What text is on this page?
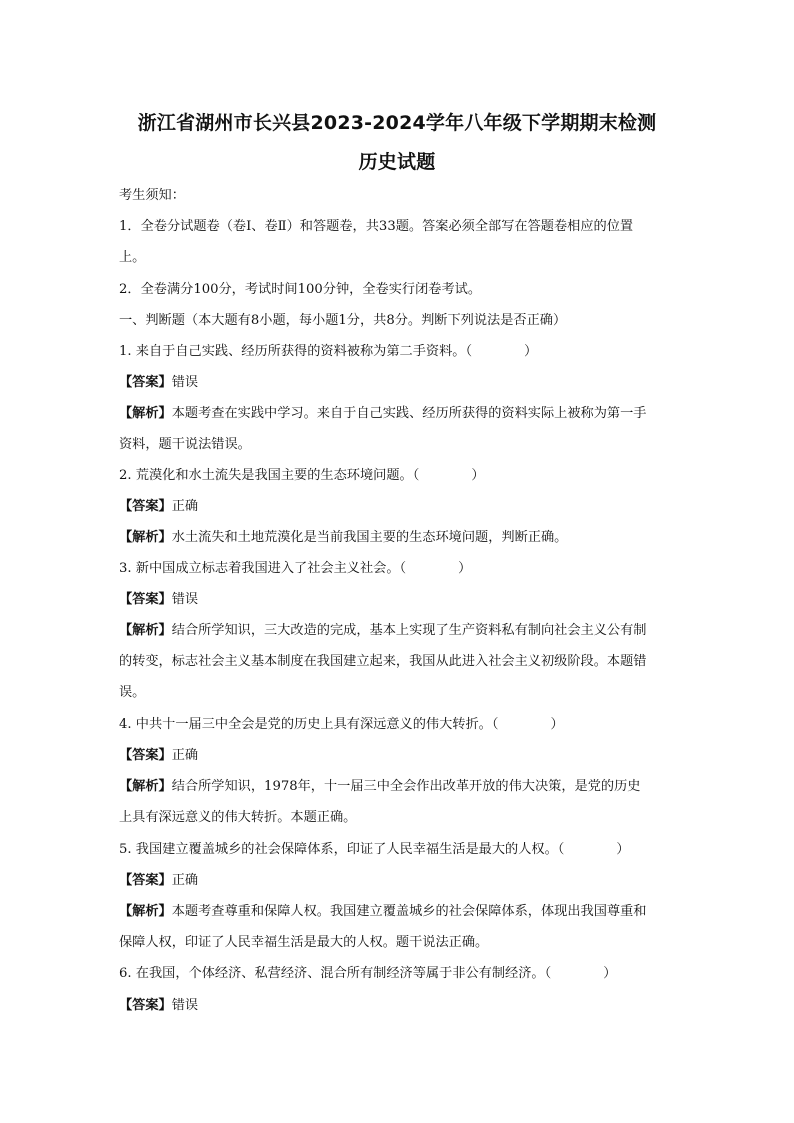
浙江省湖州市长兴县2023-2024学年八年级下学期期末检测
历史试题
考生须知：
1．全卷分试题卷（卷Ⅰ、卷Ⅱ）和答题卷，共33题。答案必须全部写在答题卷相应的位置
上。
2．全卷满分100分，考试时间100分钟，全卷实行闭卷考试。
一、判断题（本大题有8小题，每小题1分，共8分。判断下列说法是否正确）
1. 来自于自己实践、经历所获得的资料被称为第二手资料。（	）
【答案】错误
【解析】本题考查在实践中学习。来自于自己实践、经历所获得的资料实际上被称为第一手
资料，题干说法错误。
2. 荒漠化和水土流失是我国主要的生态环境问题。（	）
【答案】正确
【解析】水土流失和土地荒漠化是当前我国主要的生态环境问题，判断正确。
3. 新中国成立标志着我国进入了社会主义社会。（	）
【答案】错误
【解析】结合所学知识，三大改造的完成，基本上实现了生产资料私有制向社会主义公有制
的转变，标志社会主义基本制度在我国建立起来，我国从此进入社会主义初级阶段。本题错
误。
4. 中共十一届三中全会是党的历史上具有深远意义的伟大转折。（	）
【答案】正确
【解析】结合所学知识，1978年，十一届三中全会作出改革开放的伟大决策，是党的历史
上具有深远意义的伟大转折。本题正确。
5. 我国建立覆盖城乡的社会保障体系，印证了人民幸福生活是最大的人权。（	）
【答案】正确
【解析】本题考查尊重和保障人权。我国建立覆盖城乡的社会保障体系，体现出我国尊重和
保障人权，印证了人民幸福生活是最大的人权。题干说法正确。
6. 在我国，个体经济、私营经济、混合所有制经济等属于非公有制经济。（	）
【答案】错误
